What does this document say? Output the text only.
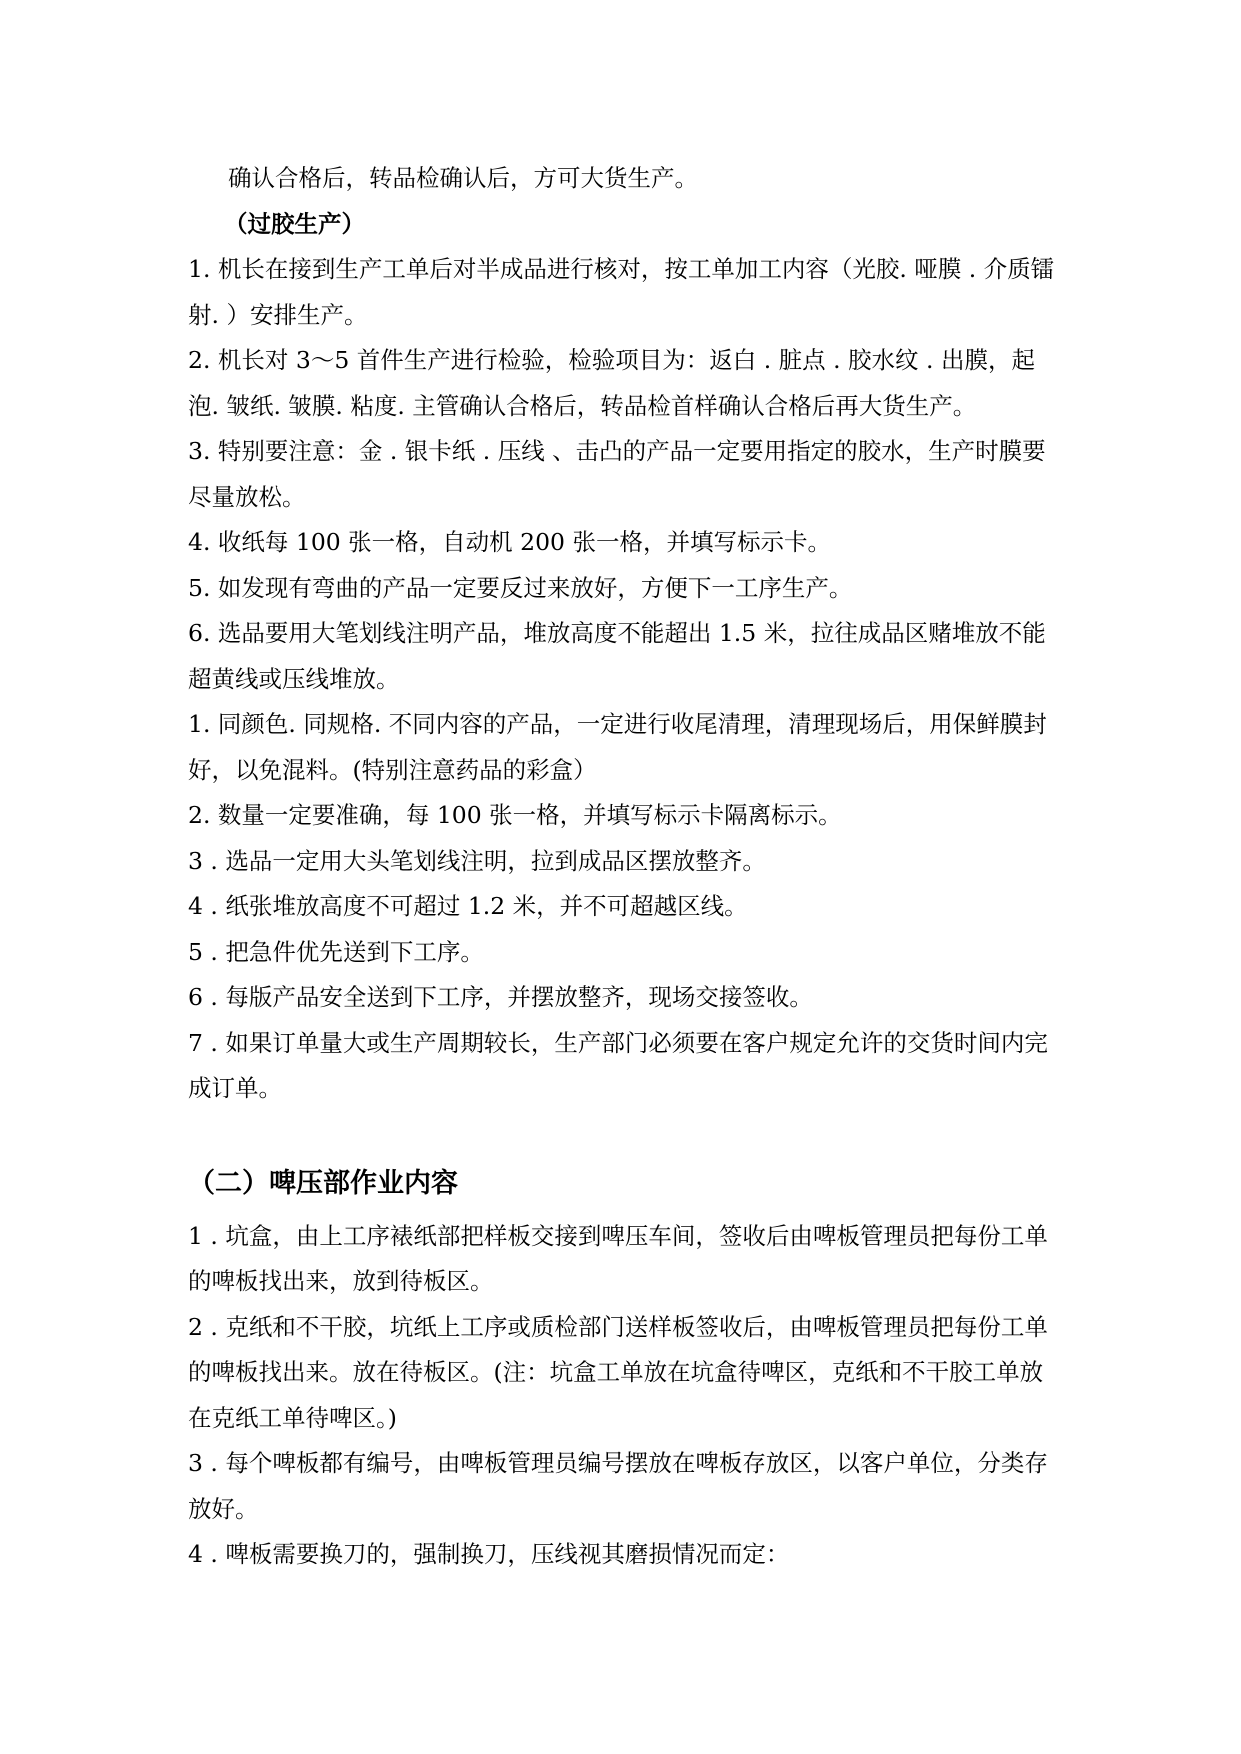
确认合格后，转品检确认后，方可大货生产。

（过胶生产）

1. 机长在接到生产工单后对半成品进行核对，按工单加工内容（光胶. 哑膜 . 介质镭射. ）安排生产。

2. 机长对 3～5 首件生产进行检验，检验项目为：返白 . 脏点 . 胶水纹 . 出膜，起泡. 皱纸. 皱膜. 粘度. 主管确认合格后，转品检首样确认合格后再大货生产。

3. 特别要注意：金 . 银卡纸 . 压线 、击凸的产品一定要用指定的胶水，生产时膜要尽量放松。

4. 收纸每 100 张一格，自动机 200 张一格，并填写标示卡。

5. 如发现有弯曲的产品一定要反过来放好，方便下一工序生产。

6. 选品要用大笔划线注明产品，堆放高度不能超出 1.5 米，拉往成品区赌堆放不能超黄线或压线堆放。

1. 同颜色. 同规格. 不同内容的产品，一定进行收尾清理，清理现场后，用保鲜膜封好，以免混料。(特别注意药品的彩盒）

2. 数量一定要准确，每 100 张一格，并填写标示卡隔离标示。

3 . 选品一定用大头笔划线注明，拉到成品区摆放整齐。

4 . 纸张堆放高度不可超过 1.2 米，并不可超越区线。

5 . 把急件优先送到下工序。

6 . 每版产品安全送到下工序，并摆放整齐，现场交接签收。

7 . 如果订单量大或生产周期较长，生产部门必须要在客户规定允许的交货时间内完成订单。

（二）啤压部作业内容

1 . 坑盒，由上工序裱纸部把样板交接到啤压车间，签收后由啤板管理员把每份工单的啤板找出来，放到待板区。

2 . 克纸和不干胶，坑纸上工序或质检部门送样板签收后，由啤板管理员把每份工单的啤板找出来。放在待板区。(注：坑盒工单放在坑盒待啤区，克纸和不干胶工单放在克纸工单待啤区。)

3 . 每个啤板都有编号，由啤板管理员编号摆放在啤板存放区，以客户单位，分类存放好。

4 . 啤板需要换刀的，强制换刀，压线视其磨损情况而定：
